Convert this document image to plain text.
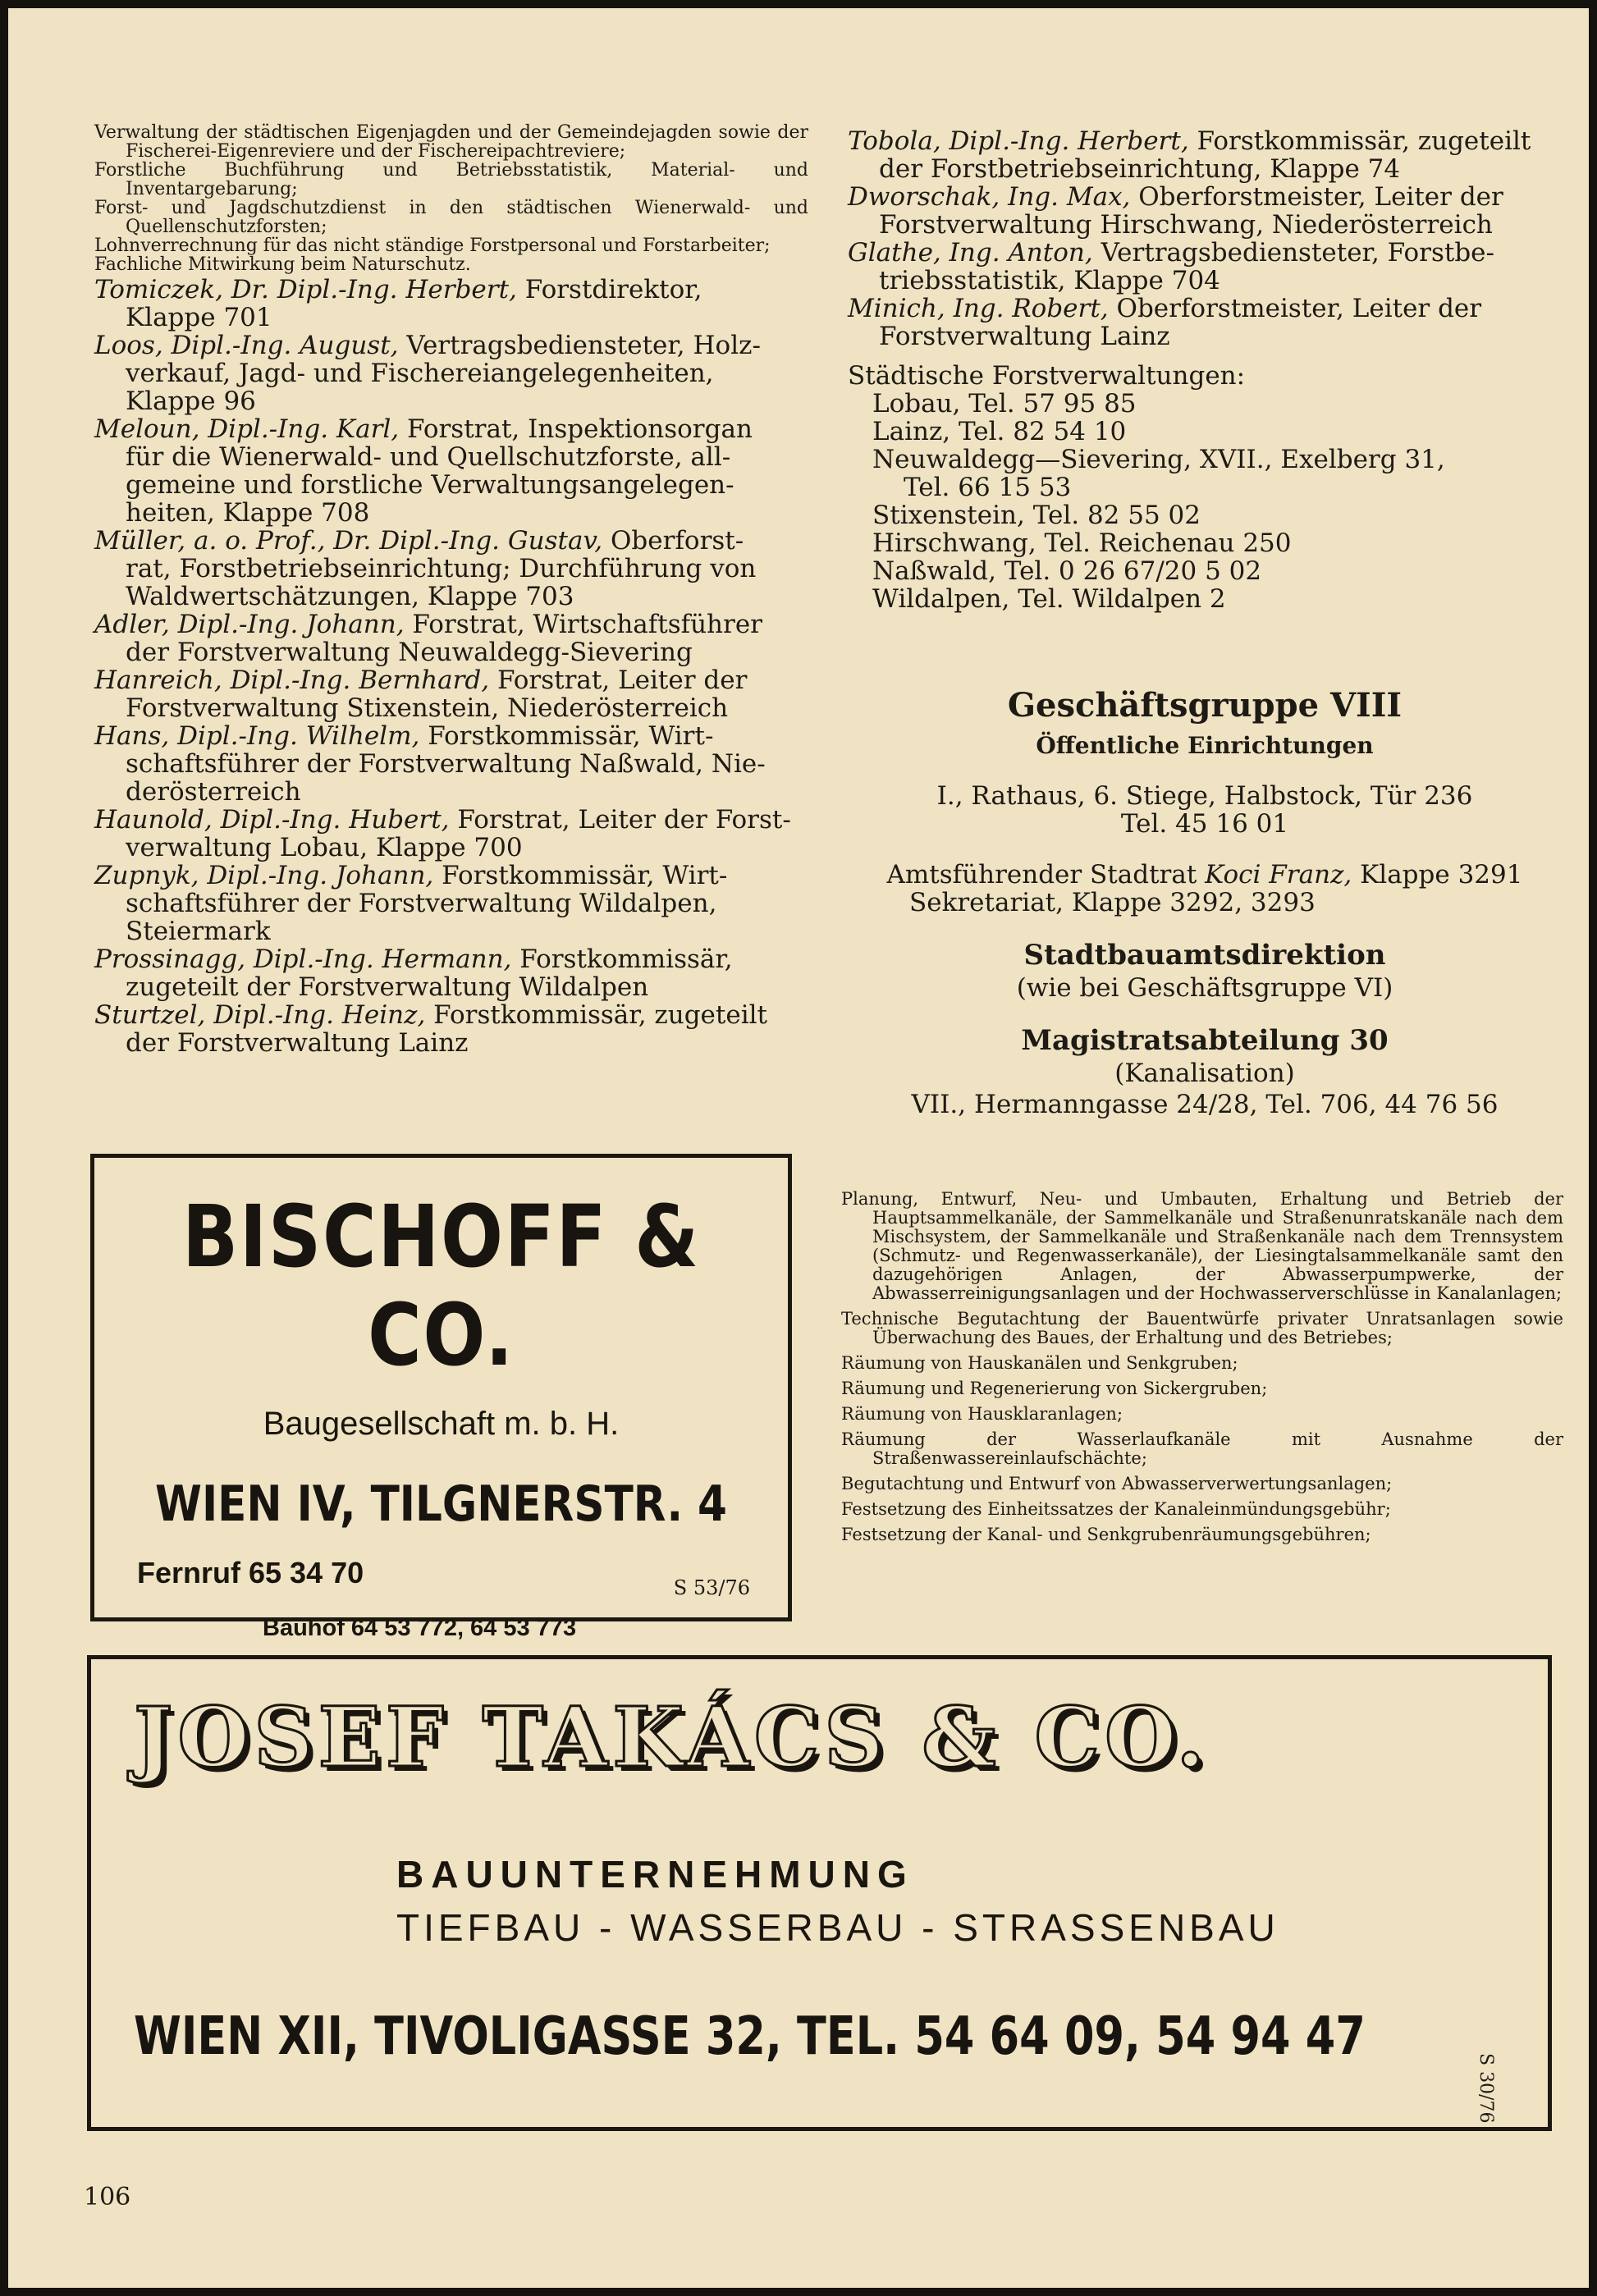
Verwaltung der städtischen Eigenjagden und der Gemeindejagden sowie der Fischerei-Eigenreviere und der Fischereipachtreviere;
Forstliche Buchführung und Betriebsstatistik, Material- und Inventargebarung;
Forst- und Jagdschutzdienst in den städtischen Wienerwald- und Quellenschutzforsten;
Lohnverrechnung für das nicht ständige Forstpersonal und Forstarbeiter;
Fachliche Mitwirkung beim Naturschutz.
Tomiczek, Dr. Dipl.-Ing. Herbert, Forstdirektor,
Klappe 701
Loos, Dipl.-Ing. August, Vertragsbediensteter, Holz-
verkauf, Jagd- und Fischereiangelegenheiten,
Klappe 96
Meloun, Dipl.-Ing. Karl, Forstrat, Inspektionsorgan
für die Wienerwald- und Quellschutzforste, all-
gemeine und forstliche Verwaltungsangelegen-
heiten, Klappe 708
Müller, a. o. Prof., Dr. Dipl.-Ing. Gustav, Oberforst-
rat, Forstbetriebseinrichtung; Durchführung von
Waldwertschätzungen, Klappe 703
Adler, Dipl.-Ing. Johann, Forstrat, Wirtschaftsführer
der Forstverwaltung Neuwaldegg-Sievering
Hanreich, Dipl.-Ing. Bernhard, Forstrat, Leiter der
Forstverwaltung Stixenstein, Niederösterreich
Hans, Dipl.-Ing. Wilhelm, Forstkommissär, Wirt-
schaftsführer der Forstverwaltung Naßwald, Nie-
derösterreich
Haunold, Dipl.-Ing. Hubert, Forstrat, Leiter der Forst-
verwaltung Lobau, Klappe 700
Zupnyk, Dipl.-Ing. Johann, Forstkommissär, Wirt-
schaftsführer der Forstverwaltung Wildalpen,
Steiermark
Prossinagg, Dipl.-Ing. Hermann, Forstkommissär,
zugeteilt der Forstverwaltung Wildalpen
Sturtzel, Dipl.-Ing. Heinz, Forstkommissär, zugeteilt
der Forstverwaltung Lainz
Tobola, Dipl.-Ing. Herbert, Forstkommissär, zugeteilt
der Forstbetriebseinrichtung, Klappe 74
Dworschak, Ing. Max, Oberforstmeister, Leiter der
Forstverwaltung Hirschwang, Niederösterreich
Glathe, Ing. Anton, Vertragsbediensteter, Forstbe-
triebsstatistik, Klappe 704
Minich, Ing. Robert, Oberforstmeister, Leiter der
Forstverwaltung Lainz
Städtische Forstverwaltungen:
Lobau, Tel. 57 95 85
Lainz, Tel. 82 54 10
Neuwaldegg—Sievering, XVII., Exelberg 31,
Tel. 66 15 53
Stixenstein, Tel. 82 55 02
Hirschwang, Tel. Reichenau 250
Naßwald, Tel. 0 26 67/20 5 02
Wildalpen, Tel. Wildalpen 2
Geschäftsgruppe VIII
Öffentliche Einrichtungen
I., Rathaus, 6. Stiege, Halbstock, Tür 236
Tel. 45 16 01
Amtsführender Stadtrat Koci Franz, Klappe 3291
Sekretariat, Klappe 3292, 3293
Stadtbauamtsdirektion
(wie bei Geschäftsgruppe VI)
Magistratsabteilung 30
(Kanalisation)
VII., Hermanngasse 24/28, Tel. 706, 44 76 56
Planung, Entwurf, Neu- und Umbauten, Erhaltung und Betrieb der Hauptsammelkanäle, der Sammelkanäle und Straßenunratskanäle nach dem Mischsystem, der Sammelkanäle und Straßenkanäle nach dem Trennsystem (Schmutz- und Regenwasserkanäle), der Liesingtalsammelkanäle samt den dazugehörigen Anlagen, der Abwasserpumpwerke, der Abwasserreinigungsanlagen und der Hochwasserverschlüsse in Kanalanlagen;
Technische Begutachtung der Bauentwürfe privater Unratsanlagen sowie Überwachung des Baues, der Erhaltung und des Betriebes;
Räumung von Hauskanälen und Senkgruben;
Räumung und Regenerierung von Sickergruben;
Räumung von Hausklaranlagen;
Räumung der Wasserlaufkanäle mit Ausnahme der Straßenwassereinlaufschächte;
Begutachtung und Entwurf von Abwasserverwertungsanlagen;
Festsetzung des Einheitssatzes der Kanaleinmündungsgebühr;
Festsetzung der Kanal- und Senkgrubenräumungsgebühren;
BISCHOFF & CO.
Baugesellschaft m. b. H.
WIEN IV, TILGNERSTR. 4
Fernruf 65 34 70
Bauhof 64 53 772, 64 53 773
S 53/76
JOSEF TAKÁCS & CO.
BAUUNTERNEHMUNG
TIEFBAU - WASSERBAU - STRASSENBAU
WIEN XII, TIVOLIGASSE 32, TEL. 54 64 09, 54 94 47
S 30/76
106
